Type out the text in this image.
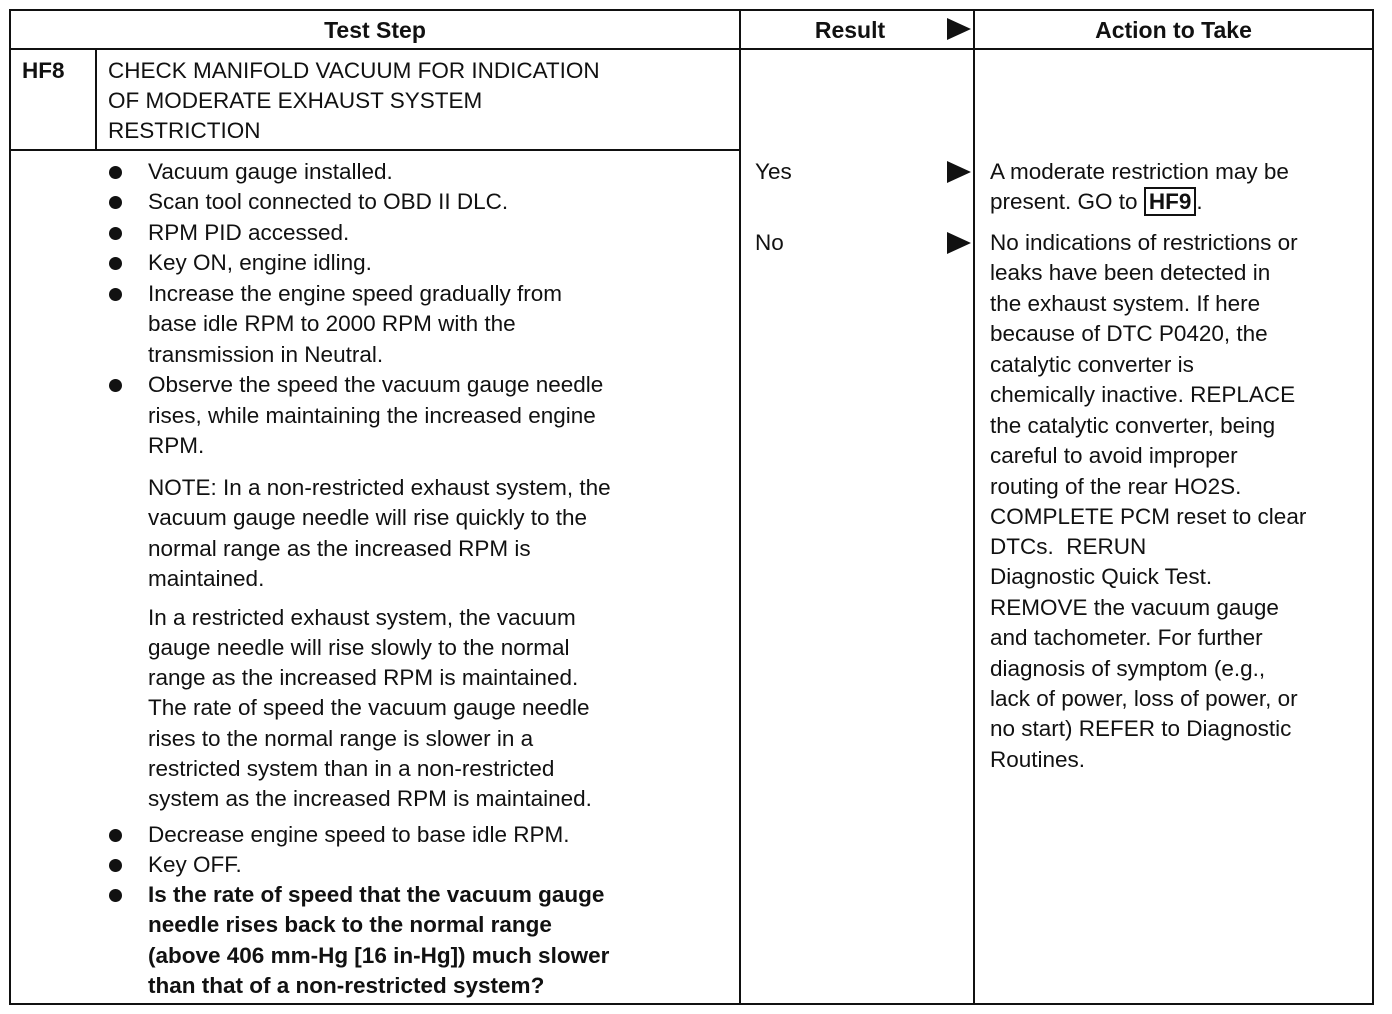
Test Step	Result	Action to Take
HF8 CHECK MANIFOLD VACUUM FOR INDICATION
OF MODERATE EXHAUST SYSTEM
RESTRICTION
Vacuum gauge installed.
Scan tool connected to OBD II DLC.
RPM PID accessed.
Key ON, engine idling.
Increase the engine speed gradually from
base idle RPM to 2000 RPM with the
transmission in Neutral.
Observe the speed the vacuum gauge needle
rises, while maintaining the increased engine
RPM.
NOTE: In a non-restricted exhaust system, the
vacuum gauge needle will rise quickly to the
normal range as the increased RPM is
maintained.
In a restricted exhaust system, the vacuum
gauge needle will rise slowly to the normal
range as the increased RPM is maintained.
The rate of speed the vacuum gauge needle
rises to the normal range is slower in a
restricted system than in a non-restricted
system as the increased RPM is maintained.
Decrease engine speed to base idle RPM.
Key OFF.
Is the rate of speed that the vacuum gauge
needle rises back to the normal range
(above 406 mm-Hg [16 in-Hg]) much slower
than that of a non-restricted system?
Yes
No
A moderate restriction may be
present. GO to HF9 .
No indications of restrictions or
leaks have been detected in
the exhaust system. If here
because of DTC P0420, the
catalytic converter is
chemically inactive. REPLACE
the catalytic converter, being
careful to avoid improper
routing of the rear HO2S.
COMPLETE PCM reset to clear
DTCs.  RERUN
Diagnostic Quick Test.
REMOVE the vacuum gauge
and tachometer. For further
diagnosis of symptom (e.g.,
lack of power, loss of power, or
no start) REFER to Diagnostic
Routines.
